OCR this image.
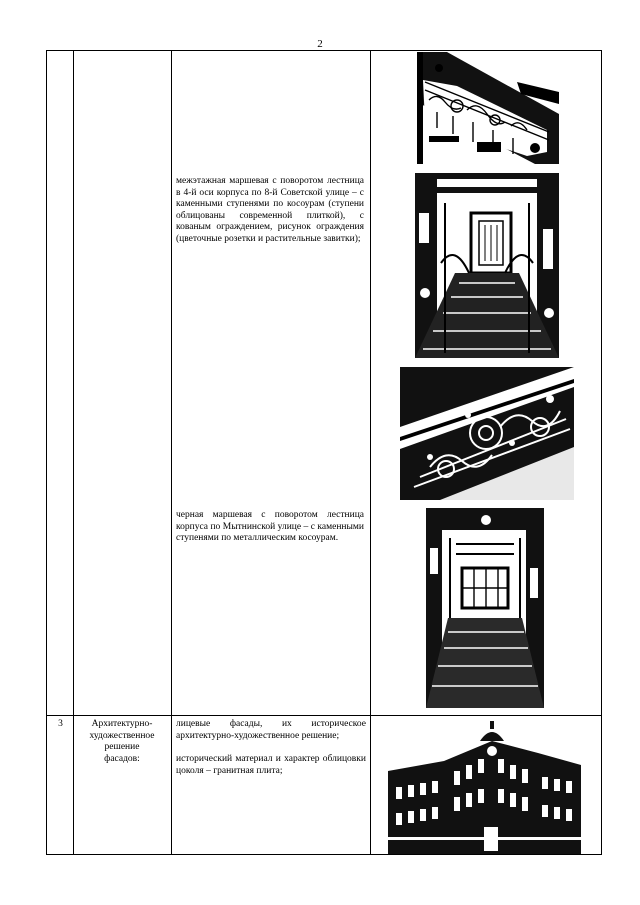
2
межэтажная маршевая с поворотом лестница в 4-й оси корпуса по 8-й Советской улице – с каменными ступенями по косоурам (ступени облицованы современной плиткой), с кованым ограждением, рисунок ограждения (цветочные розетки и растительные завитки);
черная маршевая с поворотом лестница корпуса по Мытнинской улице – с каменными ступенями по металлическим косоурам.
3	Архитектурно-
художественное
решение
фасадов:
лицевые фасады, их историческое архитектурно-художественное решение;
исторический материал и характер облицовки цоколя – гранитная плита;
